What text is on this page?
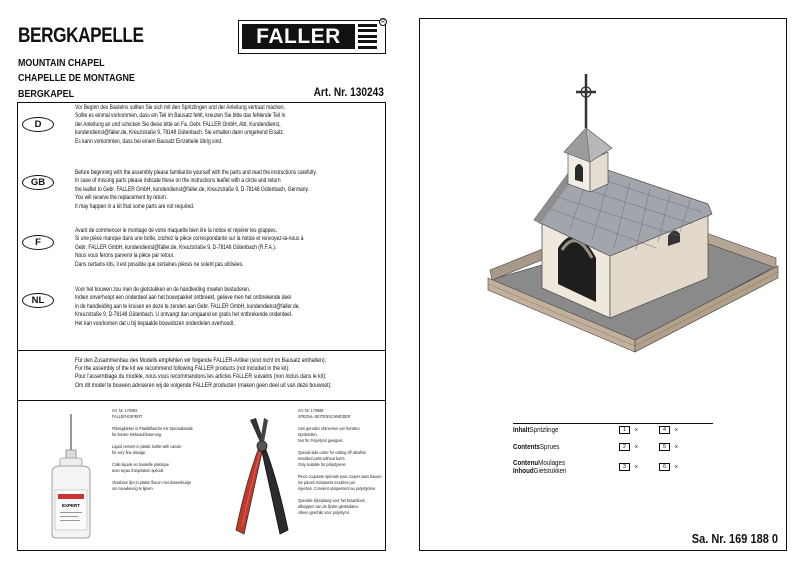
BERGKAPELLE
MOUNTAIN CHAPEL
CHAPELLE DE MONTAGNE
BERGKAPEL	Art. Nr. 130243
FALLER
R
D
Vor Beginn des Bastelns sollten Sie sich mit den Spritzlingen und der Anleitung vertraut machen.
Sollte es einmal vorkommen, dass ein Teil im Bausatz fehlt, kreuzen Sie bitte das fehlende Teil in
der Anleitung an und schicken Sie diese bitte an Fa. Gebr. FALLER GmbH, Abt. Kundendienst,
kundendienst@faller.de, Kreuzstraße 9, 78148 Gütenbach. Sie erhalten dann umgehend Ersatz.
Es kann vorkommen, dass bei einem Bausatz Einzelteile übrig sind.
GB
Before beginning with the assembly please familiarize yourself with the parts and read the instructions carefully.
In case of missing parts please indicate these on the instructions leaflet with a circle and return
the leaflet to Gebr. FALLER GmbH, kundendienst@faller.de, Kreuzstraße 9, D-78148 Gütenbach, Germany.
You will receive the replacement by return.
It may happen in a kit that some parts are not required.
F
Avant de commencer le montage de votre maquette bien lire la notice et repérer les grappes.
Si une pièce manque dans une boîte, cochez la pièce correspondante sur la notice et renvoyez-la-nous à
Gebr. FALLER GmbH, kundendienst@faller.de, Kreuzstraße 9, D-78148 Gütenbach (R.F.A.).
Nous vous ferons parvenir la pièce par retour.
Dans certains kits, il est possible que certaines pièces ne soient pas utilisées.
NL
Voor het bouwen zou men de gietstukken en de handleiding moeten bestuderen.
Indien onverhoopt een onderdeel aan het bouwpakket ontbreekt, gelieve men het ontbrekende deel
in de handleiding aan te kruisen en deze te zenden aan Gebr. FALLER GmbH, kundendienst@faller.de,
Kreuzstraße 9, D-78148 Gütenbach. U ontvangt dan omgaand en gratis het ontbrekende onderdeel.
Het kan voorkomen dat u bij bepaalde bouwdozen onderdelen overhoudt.
Für den Zusammenbau des Modells empfehlen wir folgende FALLER-Artikel (sind nicht im Bausatz enthalten):
For the assembly of the kit we recommend following FALLER products (not included in the kit):
Pour l'assemblage du modèle, nous vous recommandons les articles FALLER suivants (non inclus dans le kit):
Om dit model te bouwen adviseren wij de volgende FALLER producten (maken geen deel uit van deze bouwset):
EXPERT
Art. Nr. 170492
FALLER-EXPERT

Flüssigkleber in Plastikflasche mit Spezialkanüle
für feinste Klebeaufdosierung.

Liquid cement in plastic bottle with canule
for very fine dosage.

Colle liquide en bouteille plastique
avec tuyau d'aspiration spécial.

Vloeibare lijm in plastic flacon met doseerbuisje
om nauwkeurig te lijmen.
Art. Nr. 170688
SPEZIAL-SEITENSCHNEIDER

zum geraden Abtrennen von feinsten
Spritzteilen.
Nur für Polystyrol geeignet.

Special side cutter for cutting off ultrafine
moulded parts without burrs.
Only suitable for polystyrene.

Pince coupante spéciale pour couper sans bavure
les pièces miniatures moulées par
injection. Convient uniquement au polystyrène.

Speciale zijkniptang voor het braamloos
afknippen van de fijnste gietstukken.
Alleen geschikt voor polystyrol.
InhaltSpritzlinge	1	x	4	x
ContentsSprues	2	x	5	x
ContenuMoulages
InhoudGietstukken	3	x	6	x
Sa. Nr. 169 188 0
